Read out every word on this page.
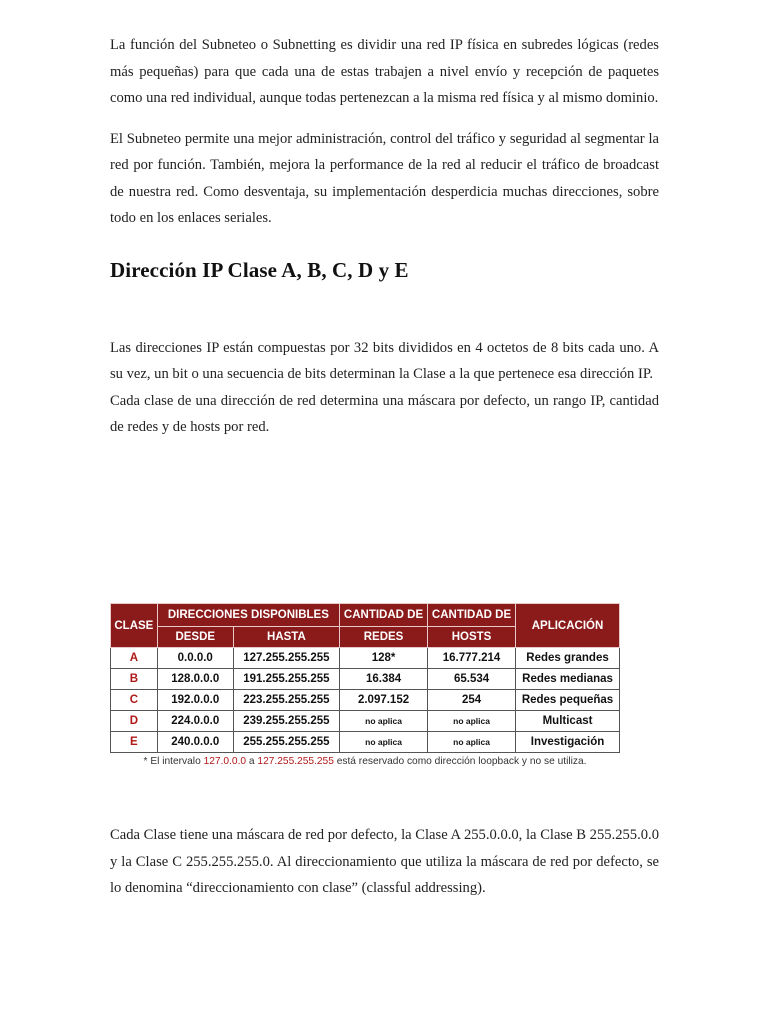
La función del Subneteo o Subnetting es dividir una red IP física en subredes lógicas (redes más pequeñas) para que cada una de estas trabajen a nivel envío y recepción de paquetes como una red individual, aunque todas pertenezcan a la misma red física y al mismo dominio.

El Subneteo permite una mejor administración, control del tráfico y seguridad al segmentar la red por función. También, mejora la performance de la red al reducir el tráfico de broadcast de nuestra red. Como desventaja, su implementación desperdicia muchas direcciones, sobre todo en los enlaces seriales.

Dirección IP Clase A, B, C, D y E

Las direcciones IP están compuestas por 32 bits divididos en 4 octetos de 8 bits cada uno. A su vez, un bit o una secuencia de bits determinan la Clase a la que pertenece esa dirección IP.

Cada clase de una dirección de red determina una máscara por defecto, un rango IP, cantidad de redes y de hosts por red.

CLASE	DIRECCIONES DISPONIBLES		CANTIDAD DE	CANTIDAD DE	APLICACIÓN
	DESDE	HASTA	REDES	HOSTS	
A	0.0.0.0	127.255.255.255	128*	16.777.214	Redes grandes
B	128.0.0.0	191.255.255.255	16.384	65.534	Redes medianas
C	192.0.0.0	223.255.255.255	2.097.152	254	Redes pequeñas
D	224.0.0.0	239.255.255.255	no aplica	no aplica	Multicast
E	240.0.0.0	255.255.255.255	no aplica	no aplica	Investigación
* El intervalo 127.0.0.0 a 127.255.255.255 está reservado como dirección loopback y no se utiliza.

Cada Clase tiene una máscara de red por defecto, la Clase A 255.0.0.0, la Clase B 255.255.0.0 y la Clase C 255.255.255.0. Al direccionamiento que utiliza la máscara de red por defecto, se lo denomina “direccionamiento con clase” (classful addressing).
